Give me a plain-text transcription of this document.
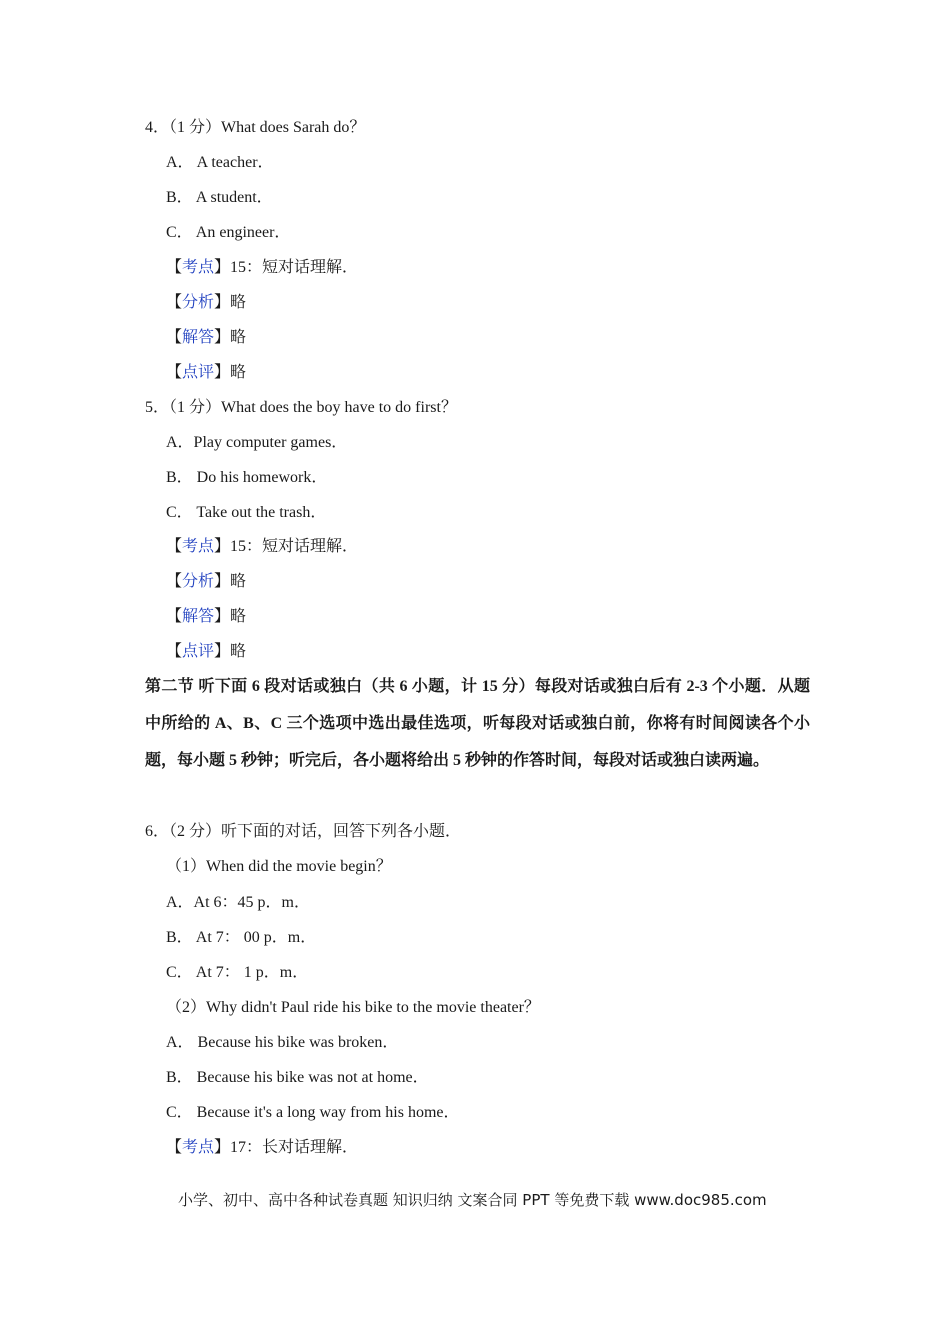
4．（1 分）What does Sarah do？
A． A teacher．
B． A student．
C． An engineer．
【考点】15：短对话理解．
【分析】略
【解答】略
【点评】略
5．（1 分）What does the boy have to do first？
A．Play computer games．
B． Do his homework．
C． Take out the trash．
【考点】15：短对话理解．
【分析】略
【解答】略
【点评】略
第二节 听下面 6 段对话或独白（共 6 小题，计 15 分）每段对话或独白后有 2-3 个小题．从题中所给的 A、B、C 三个选项中选出最佳选项，听每段对话或独白前，你将有时间阅读各个小题，每小题 5 秒钟；听完后，各小题将给出 5 秒钟的作答时间，每段对话或独白读两遍。
6．（2 分）听下面的对话，回答下列各小题．
（1）When did the movie begin？
A．At 6：45 p．m．
B． At 7： 00 p．m．
C． At 7： 1 p．m．
（2）Why didn't Paul ride his bike to the movie theater？
A． Because his bike was broken．
B． Because his bike was not at home．
C． Because it's a long way from his home．
【考点】17：长对话理解．
小学、初中、高中各种试卷真题 知识归纳 文案合同 PPT 等免费下载 www.doc985.com
